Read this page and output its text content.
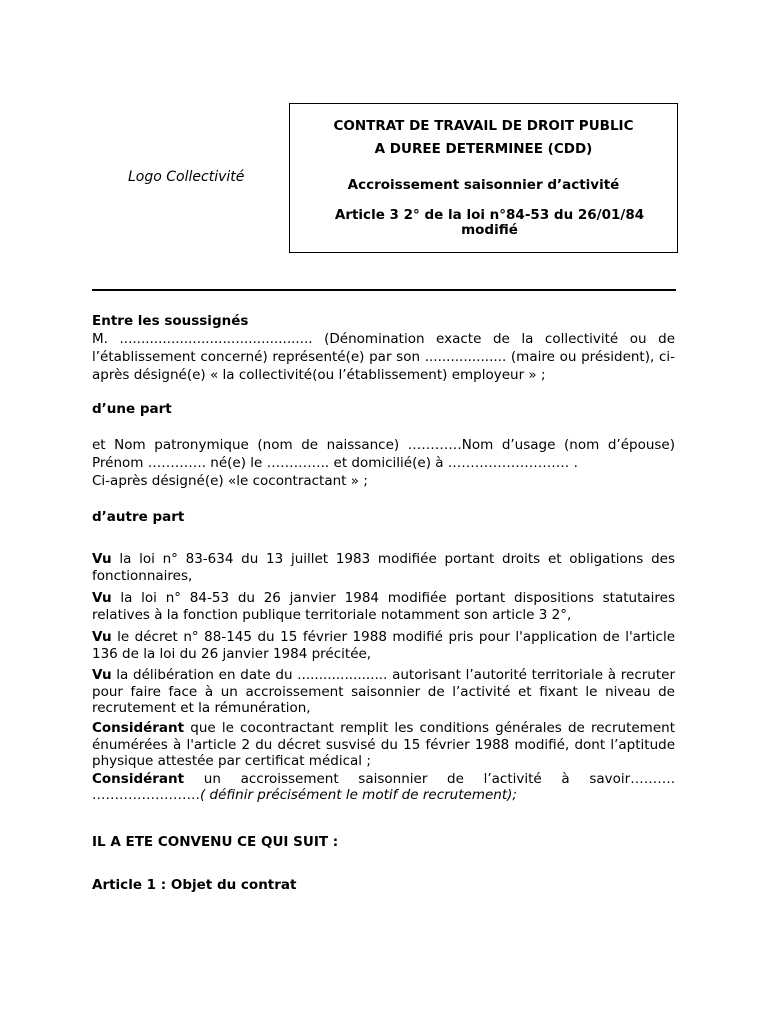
Logo Collectivité
CONTRAT DE TRAVAIL DE DROIT PUBLIC
A DUREE DETERMINEE (CDD)
Accroissement saisonnier d’activité
Article 3 2° de la loi n°84-53 du 26/01/84 modifié
Entre les soussignés
M. ............................................. (Dénomination exacte de la collectivité ou de l’établissement concerné) représenté(e) par son ................... (maire ou président), ci-après désigné(e) « la collectivité(ou l’établissement) employeur » ;
d’une part
et Nom patronymique (nom de naissance) …………Nom d’usage (nom d’épouse)
Prénom …………. né(e) le ………….. et domicilié(e) à ……………………… .
Ci-après désigné(e) «le cocontractant » ;
d’autre part
Vu la loi n° 83-634 du 13 juillet 1983 modifiée portant droits et obligations des fonctionnaires,
Vu la loi n° 84-53 du 26 janvier 1984 modifiée portant dispositions statutaires relatives à la fonction publique territoriale notamment son article 3 2°,
Vu le décret n° 88-145 du 15 février 1988 modifié pris pour l'application de l'article 136 de la loi du 26 janvier 1984 précitée,
Vu la délibération en date du ..................... autorisant l’autorité territoriale à recruter pour faire face à un accroissement saisonnier de l’activité et fixant le niveau de recrutement et la rémunération,
Considérant que le cocontractant remplit les conditions générales de recrutement énumérées à l'article 2 du décret susvisé du 15 février 1988 modifié, dont l’aptitude physique attestée par certificat médical ;
Considérant un accroissement saisonnier de l’activité à savoir……….
……………………( définir précisément le motif de recrutement);
IL A ETE CONVENU CE QUI SUIT :
Article 1 : Objet du contrat
